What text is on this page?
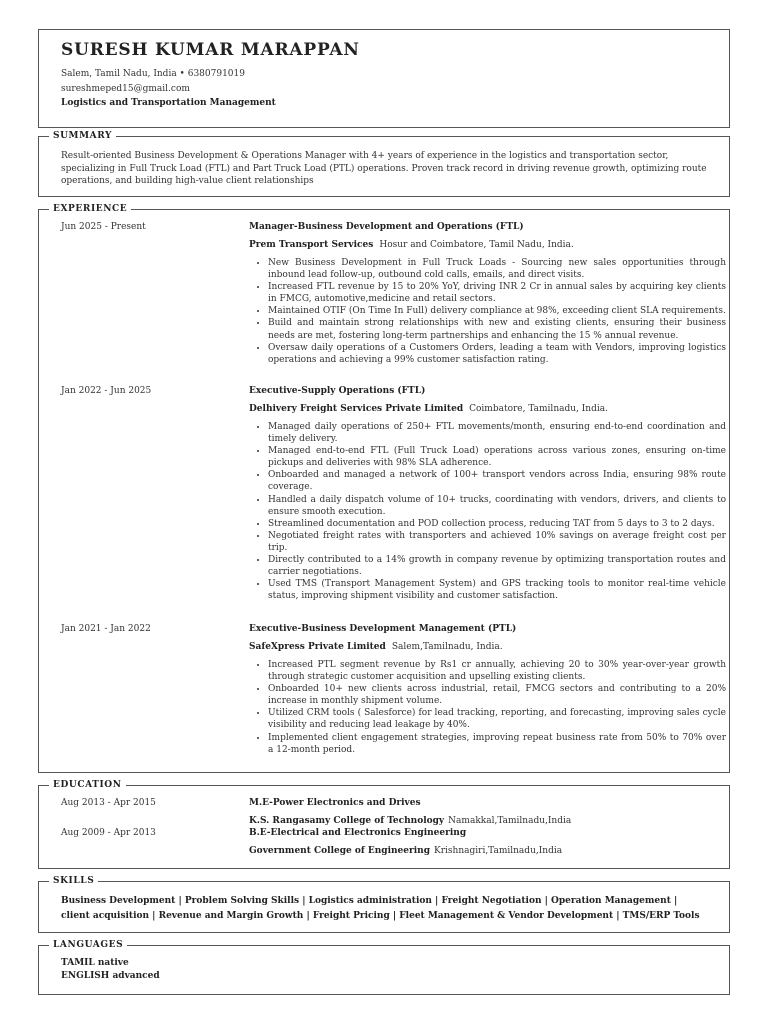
SURESH KUMAR MARAPPAN
Salem, Tamil Nadu, India • 6380791019
sureshmeped15@gmail.com
Logistics and Transportation Management
SUMMARY
Result-oriented Business Development & Operations Manager with 4+ years of experience in the logistics and transportation sector, specializing in Full Truck Load (FTL) and Part Truck Load (PTL) operations. Proven track record in driving revenue growth, optimizing route operations, and building high-value client relationships
EXPERIENCE
Jun 2025 - Present	Manager-Business Development and Operations (FTL)
Prem Transport Services Hosur and Coimbatore, Tamil Nadu, India.
• New Business Development in Full Truck Loads - Sourcing new sales opportunities through inbound lead follow-up, outbound cold calls, emails, and direct visits.
• Increased FTL revenue by 15 to 20% YoY, driving INR 2 Cr in annual sales by acquiring key clients in FMCG, automotive,medicine and retail sectors.
• Maintained OTIF (On Time In Full) delivery compliance at 98%, exceeding client SLA requirements.
• Build and maintain strong relationships with new and existing clients, ensuring their business needs are met, fostering long-term partnerships and enhancing the 15 % annual revenue.
• Oversaw daily operations of a Customers Orders, leading a team with Vendors, improving logistics operations and achieving a 99% customer satisfaction rating.
Jan 2022 - Jun 2025	Executive-Supply Operations (FTL)
Delhivery Freight Services Private Limited Coimbatore, Tamilnadu, India.
• Managed daily operations of 250+ FTL movements/month, ensuring end-to-end coordination and timely delivery.
• Managed end-to-end FTL (Full Truck Load) operations across various zones, ensuring on-time pickups and deliveries with 98% SLA adherence.
• Onboarded and managed a network of 100+ transport vendors across India, ensuring 98% route coverage.
• Handled a daily dispatch volume of 10+ trucks, coordinating with vendors, drivers, and clients to ensure smooth execution.
• Streamlined documentation and POD collection process, reducing TAT from 5 days to 3 to 2 days.
• Negotiated freight rates with transporters and achieved 10% savings on average freight cost per trip.
• Directly contributed to a 14% growth in company revenue by optimizing transportation routes and carrier negotiations.
• Used TMS (Transport Management System) and GPS tracking tools to monitor real-time vehicle status, improving shipment visibility and customer satisfaction.
Jan 2021 - Jan 2022	Executive-Business Development Management (PTL)
SafeXpress Private Limited Salem,Tamilnadu, India.
• Increased PTL segment revenue by Rs1 cr annually, achieving 20 to 30% year-over-year growth through strategic customer acquisition and upselling existing clients.
• Onboarded 10+ new clients across industrial, retail, FMCG sectors and contributing to a 20% increase in monthly shipment volume.
• Utilized CRM tools ( Salesforce) for lead tracking, reporting, and forecasting, improving sales cycle visibility and reducing lead leakage by 40%.
• Implemented client engagement strategies, improving repeat business rate from 50% to 70% over a 12-month period.
EDUCATION
Aug 2013 - Apr 2015	M.E-Power Electronics and Drives
K.S. Rangasamy College of Technology Namakkal,Tamilnadu,India
Aug 2009 - Apr 2013	B.E-Electrical and Electronics Engineering
Government College of Engineering Krishnagiri,Tamilnadu,India
SKILLS
Business Development | Problem Solving Skills | Logistics administration | Freight Negotiation | Operation Management |
client acquisition | Revenue and Margin Growth | Freight Pricing | Fleet Management & Vendor Development | TMS/ERP Tools
LANGUAGES
TAMIL native
ENGLISH advanced
